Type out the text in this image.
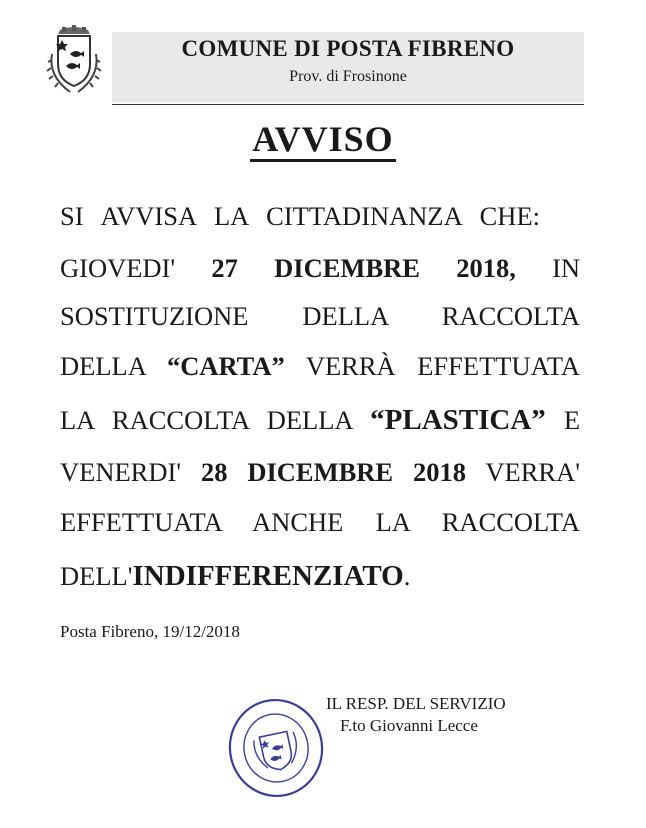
COMUNE DI POSTA FIBRENO
Prov. di Frosinone
AVVISO
SI AVVISA LA CITTADINANZA CHE:
GIOVEDI' 27 DICEMBRE 2018, IN
SOSTITUZIONE DELLA RACCOLTA
DELLA “CARTA” VERRÀ EFFETTUATA
LA RACCOLTA DELLA “PLASTICA” E
VENERDI' 28 DICEMBRE 2018 VERRA'
EFFETTUATA ANCHE LA RACCOLTA
DELL'INDIFFERENZIATO.
Posta Fibreno, 19/12/2018
IL RESP. DEL SERVIZIO
F.to Giovanni Lecce
